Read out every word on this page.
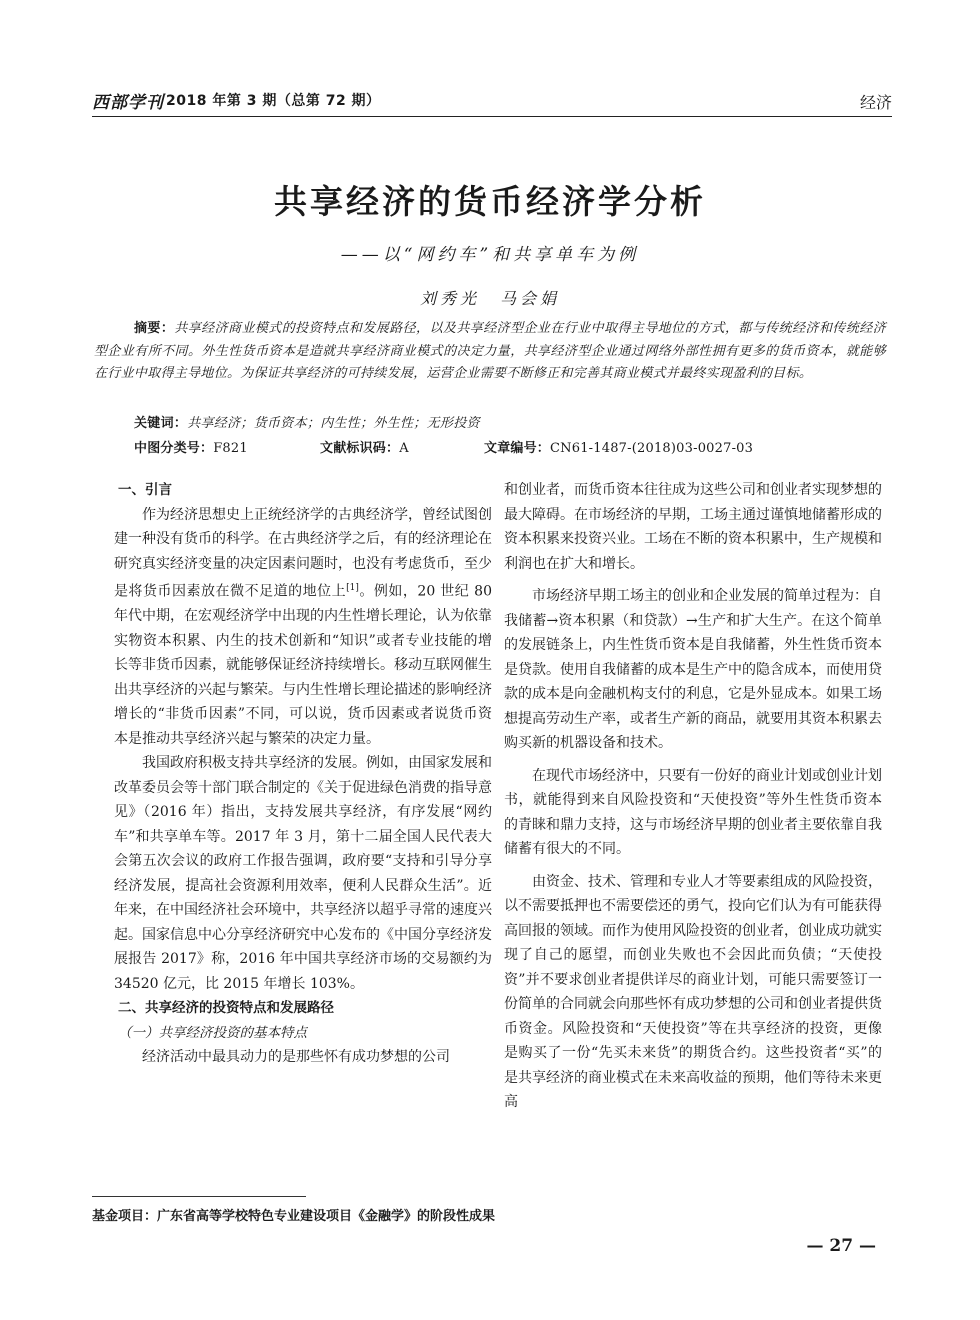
西部学刊 2018 年第 3 期（总第 72 期）	经济
共享经济的货币经济学分析
——以“网约车”和共享单车为例
刘秀光　马会娟
摘要：共享经济商业模式的投资特点和发展路径，以及共享经济型企业在行业中取得主导地位的方式，都与传统经济和传统经济型企业有所不同。外生性货币资本是造就共享经济商业模式的决定力量，共享经济型企业通过网络外部性拥有更多的货币资本，就能够在行业中取得主导地位。为保证共享经济的可持续发展，运营企业需要不断修正和完善其商业模式并最终实现盈利的目标。
关键词：共享经济；货币资本；内生性；外生性；无形投资
中图分类号：F821	文献标识码：A	文章编号：CN61-1487-(2018)03-0027-03
一、引言

作为经济思想史上正统经济学的古典经济学，曾经试图创建一种没有货币的科学。在古典经济学之后，有的经济理论在研究真实经济变量的决定因素问题时，也没有考虑货币，至少是将货币因素放在微不足道的地位上[1]。例如，20 世纪 80 年代中期，在宏观经济学中出现的内生性增长理论，认为依靠实物资本积累、内生的技术创新和“知识”或者专业技能的增长等非货币因素，就能够保证经济持续增长。移动互联网催生出共享经济的兴起与繁荣。与内生性增长理论描述的影响经济增长的“非货币因素”不同，可以说，货币因素或者说货币资本是推动共享经济兴起与繁荣的决定力量。

我国政府积极支持共享经济的发展。例如，由国家发展和改革委员会等十部门联合制定的《关于促进绿色消费的指导意见》（2016 年）指出，支持发展共享经济，有序发展“网约车”和共享单车等。2017 年 3 月，第十二届全国人民代表大会第五次会议的政府工作报告强调，政府要“支持和引导分享经济发展，提高社会资源利用效率，便利人民群众生活”。近年来，在中国经济社会环境中，共享经济以超乎寻常的速度兴起。国家信息中心分享经济研究中心发布的《中国分享经济发展报告 2017》称，2016 年中国共享经济市场的交易额约为 34520 亿元，比 2015 年增长 103%。

二、共享经济的投资特点和发展路径
（一）共享经济投资的基本特点

经济活动中最具动力的是那些怀有成功梦想的公司

和创业者，而货币资本往往成为这些公司和创业者实现梦想的最大障碍。在市场经济的早期，工场主通过谨慎地储蓄形成的资本积累来投资兴业。工场在不断的资本积累中，生产规模和利润也在扩大和增长。

市场经济早期工场主的创业和企业发展的简单过程为：自我储蓄→资本积累（和贷款）→生产和扩大生产。在这个简单的发展链条上，内生性货币资本是自我储蓄，外生性货币资本是贷款。使用自我储蓄的成本是生产中的隐含成本，而使用贷款的成本是向金融机构支付的利息，它是外显成本。如果工场想提高劳动生产率，或者生产新的商品，就要用其资本积累去购买新的机器设备和技术。

在现代市场经济中，只要有一份好的商业计划或创业计划书，就能得到来自风险投资和“天使投资”等外生性货币资本的青睐和鼎力支持，这与市场经济早期的创业者主要依靠自我储蓄有很大的不同。

由资金、技术、管理和专业人才等要素组成的风险投资，以不需要抵押也不需要偿还的勇气，投向它们认为有可能获得高回报的领域。而作为使用风险投资的创业者，创业成功就实现了自己的愿望，而创业失败也不会因此而负债；“天使投资”并不要求创业者提供详尽的商业计划，可能只需要签订一份简单的合同就会向那些怀有成功梦想的公司和创业者提供货币资金。风险投资和“天使投资”等在共享经济的投资，更像是购买了一份“先买未来货”的期货合约。这些投资者“买”的是共享经济的商业模式在未来高收益的预期，他们等待未来更高

基金项目：广东省高等学校特色专业建设项目《金融学》的阶段性成果
— 27 —
